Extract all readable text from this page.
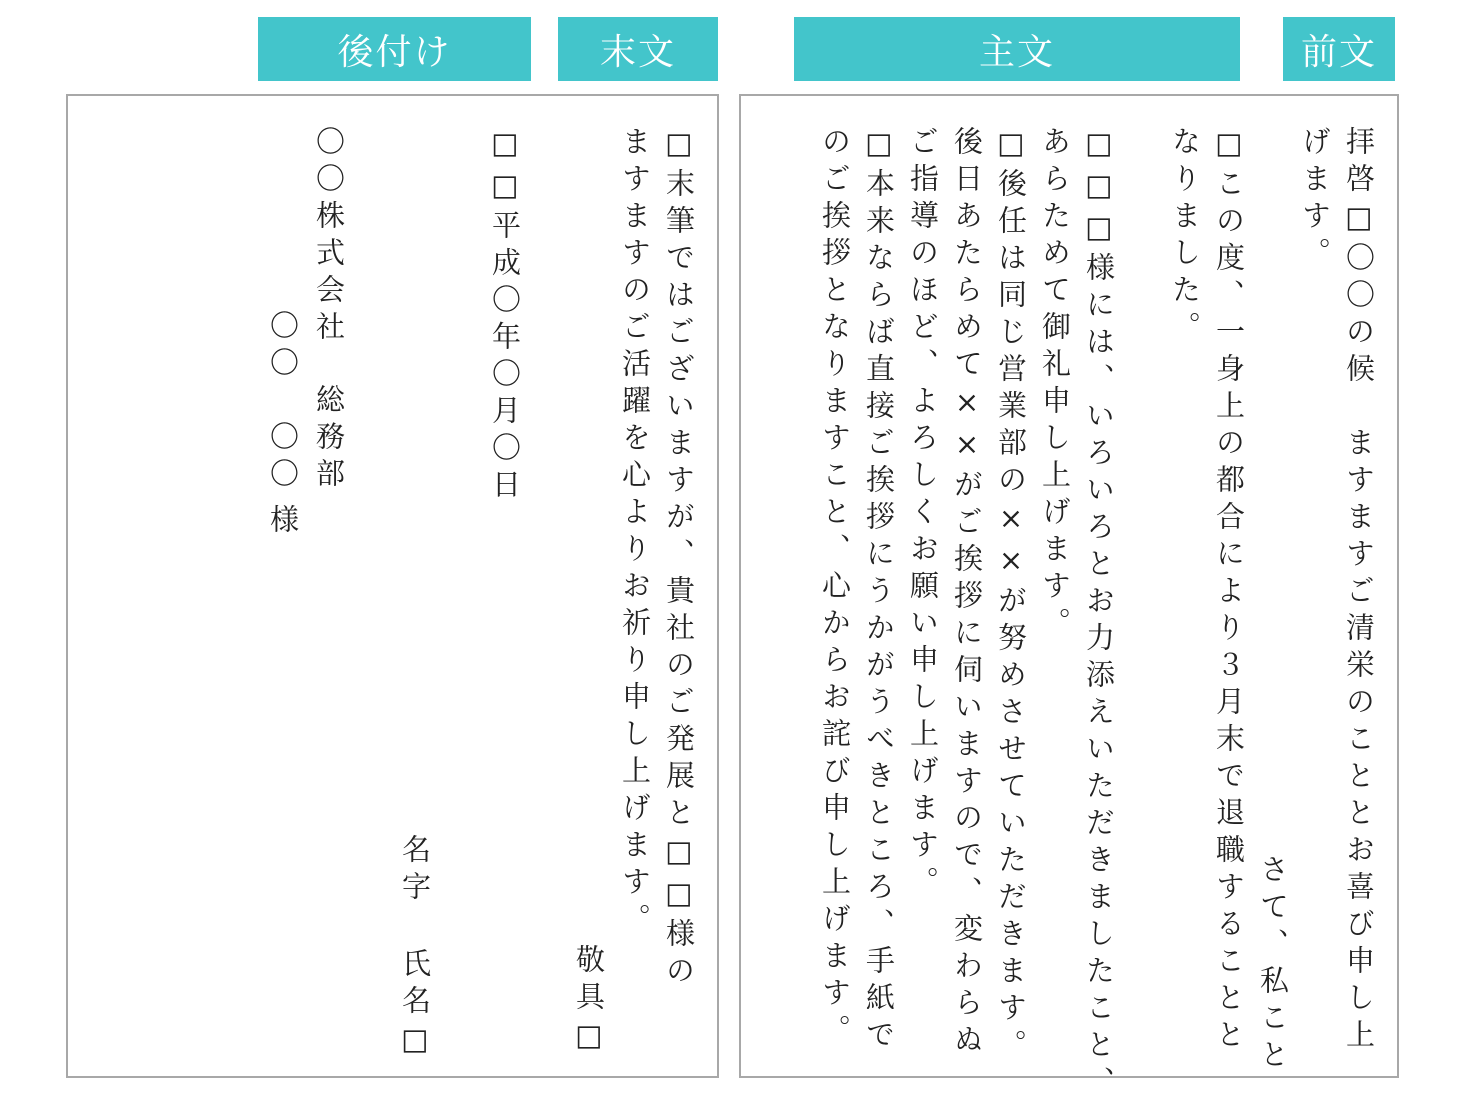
後付け	末文	主文	前文
□末筆ではございますが、貴社のご発展と□□様の
ますますのご活躍を心よりお祈り申し上げます。
敬具□
□□平成〇年〇月〇日
名字
氏名□
〇〇株式会社
総務部
〇〇　〇〇
様	拝啓□〇〇の候　ますますご清栄のこととお喜び申し上
げます。
□この度、一身上の都合により３月末で退職することと
なりました。
さて、私こと
□□□様には、いろいろとお力添えいただきましたこと、
あらためて御礼申し上げます。
□後任は同じ営業部の××が努めさせていただきます。
後日あたらめて××がご挨拶に伺いますので、変わらぬ
ご指導のほど、よろしくお願い申し上げます。
□本来ならば直接ご挨拶にうかがうべきところ、手紙で
のご挨拶となりますこと、心からお詫び申し上げます。
